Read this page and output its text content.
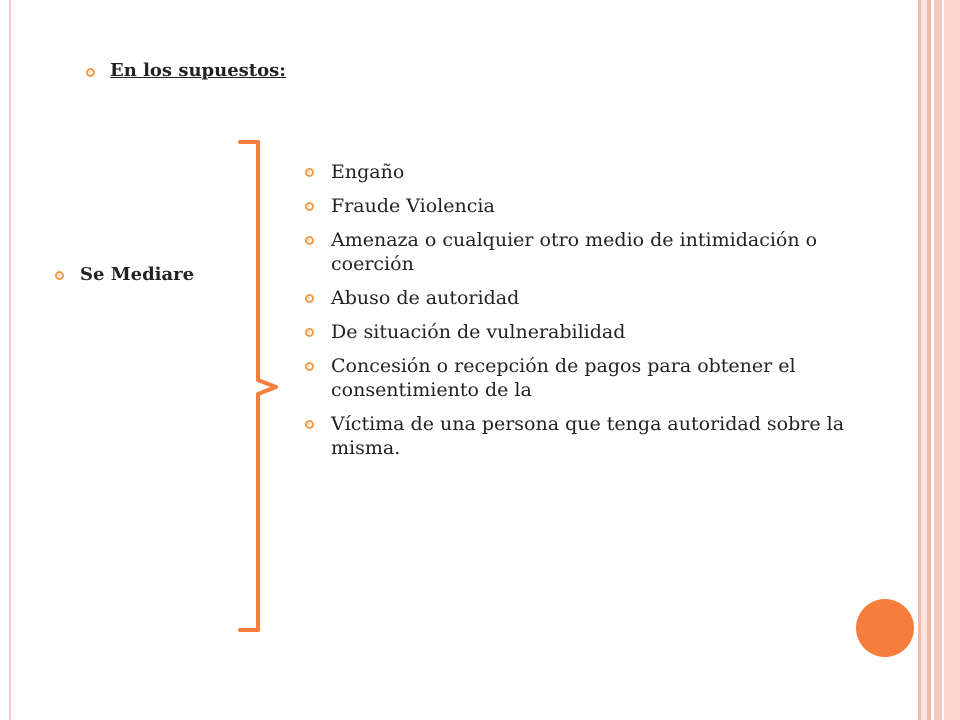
En los supuestos:
Se Mediare
Engaño
Fraude Violencia
Amenaza o cualquier otro medio de intimidación o coerción
Abuso de autoridad
De situación de vulnerabilidad
Concesión o recepción de pagos para obtener el consentimiento de la
Víctima de una persona que tenga autoridad sobre la misma.
